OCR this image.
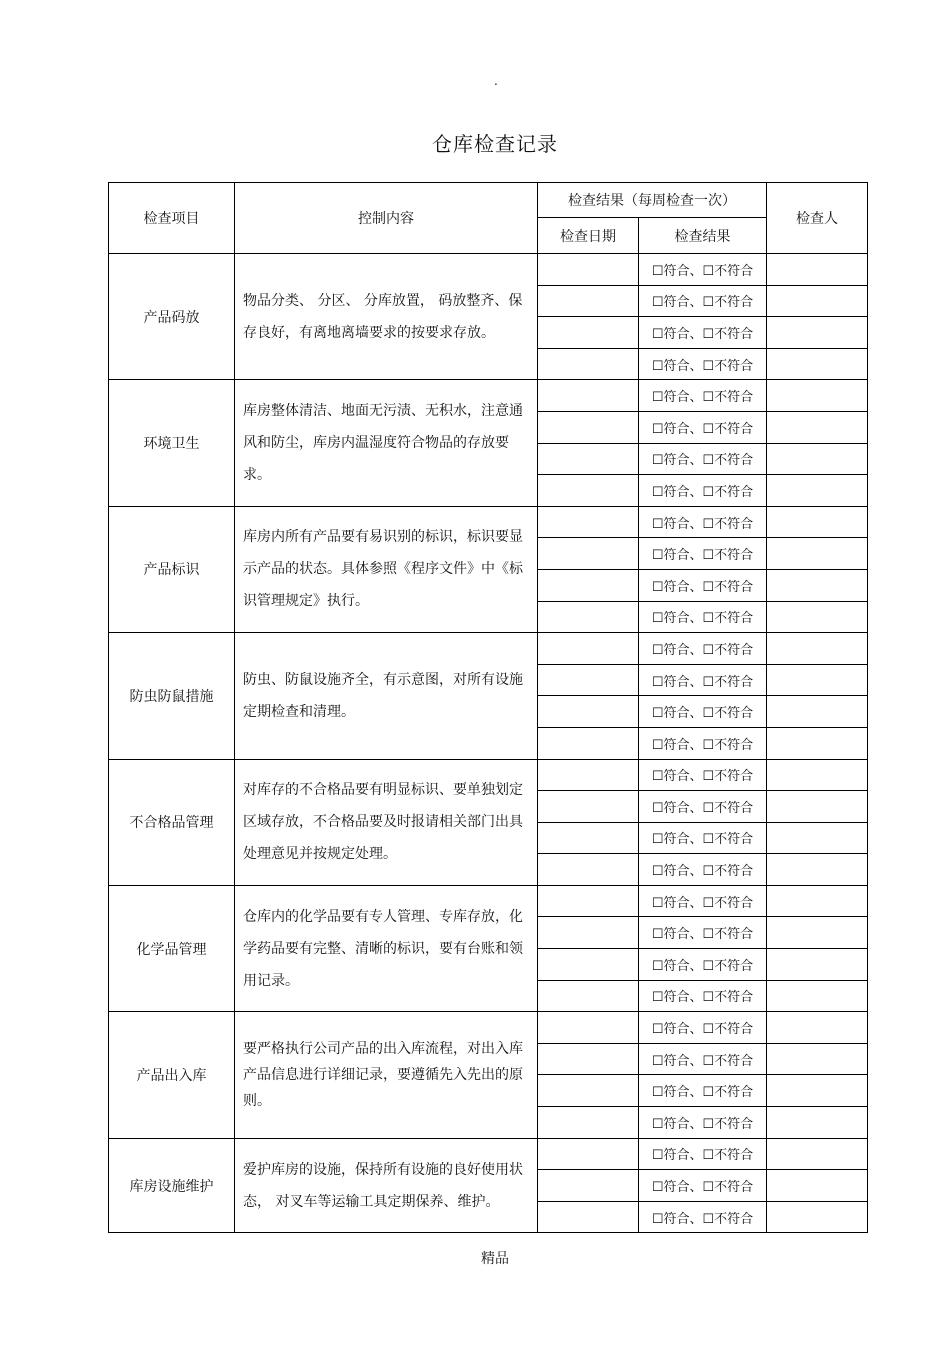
.
仓库检查记录
检查项目	控制内容	检查结果（每周检查一次）		检查人
		检查日期	检查结果	
产品码放	物品分类、 分区、 分库放置， 码放整齐、保存良好，有离地离墙要求的按要求存放。		☐符合、☐不符合	
			☐符合、☐不符合	
			☐符合、☐不符合	
			☐符合、☐不符合	
环境卫生	库房整体清洁、地面无污渍、无积水，注意通风和防尘，库房内温湿度符合物品的存放要求。		☐符合、☐不符合	
			☐符合、☐不符合	
			☐符合、☐不符合	
			☐符合、☐不符合	
产品标识	库房内所有产品要有易识别的标识，标识要显示产品的状态。具体参照《程序文件》中《标识管理规定》执行。		☐符合、☐不符合	
			☐符合、☐不符合	
			☐符合、☐不符合	
			☐符合、☐不符合	
防虫防鼠措施	防虫、防鼠设施齐全，有示意图，对所有设施定期检查和清理。		☐符合、☐不符合	
			☐符合、☐不符合	
			☐符合、☐不符合	
			☐符合、☐不符合	
不合格品管理	对库存的不合格品要有明显标识、要单独划定区域存放，不合格品要及时报请相关部门出具处理意见并按规定处理。		☐符合、☐不符合	
			☐符合、☐不符合	
			☐符合、☐不符合	
			☐符合、☐不符合	
化学品管理	仓库内的化学品要有专人管理、专库存放，化学药品要有完整、清晰的标识，要有台账和领用记录。		☐符合、☐不符合	
			☐符合、☐不符合	
			☐符合、☐不符合	
			☐符合、☐不符合	
产品出入库	要严格执行公司产品的出入库流程，对出入库产品信息进行详细记录，要遵循先入先出的原则。		☐符合、☐不符合	
			☐符合、☐不符合	
			☐符合、☐不符合	
			☐符合、☐不符合	
库房设施维护	爱护库房的设施，保持所有设施的良好使用状态， 对叉车等运输工具定期保养、维护。		☐符合、☐不符合	
			☐符合、☐不符合	
			☐符合、☐不符合	
精品
